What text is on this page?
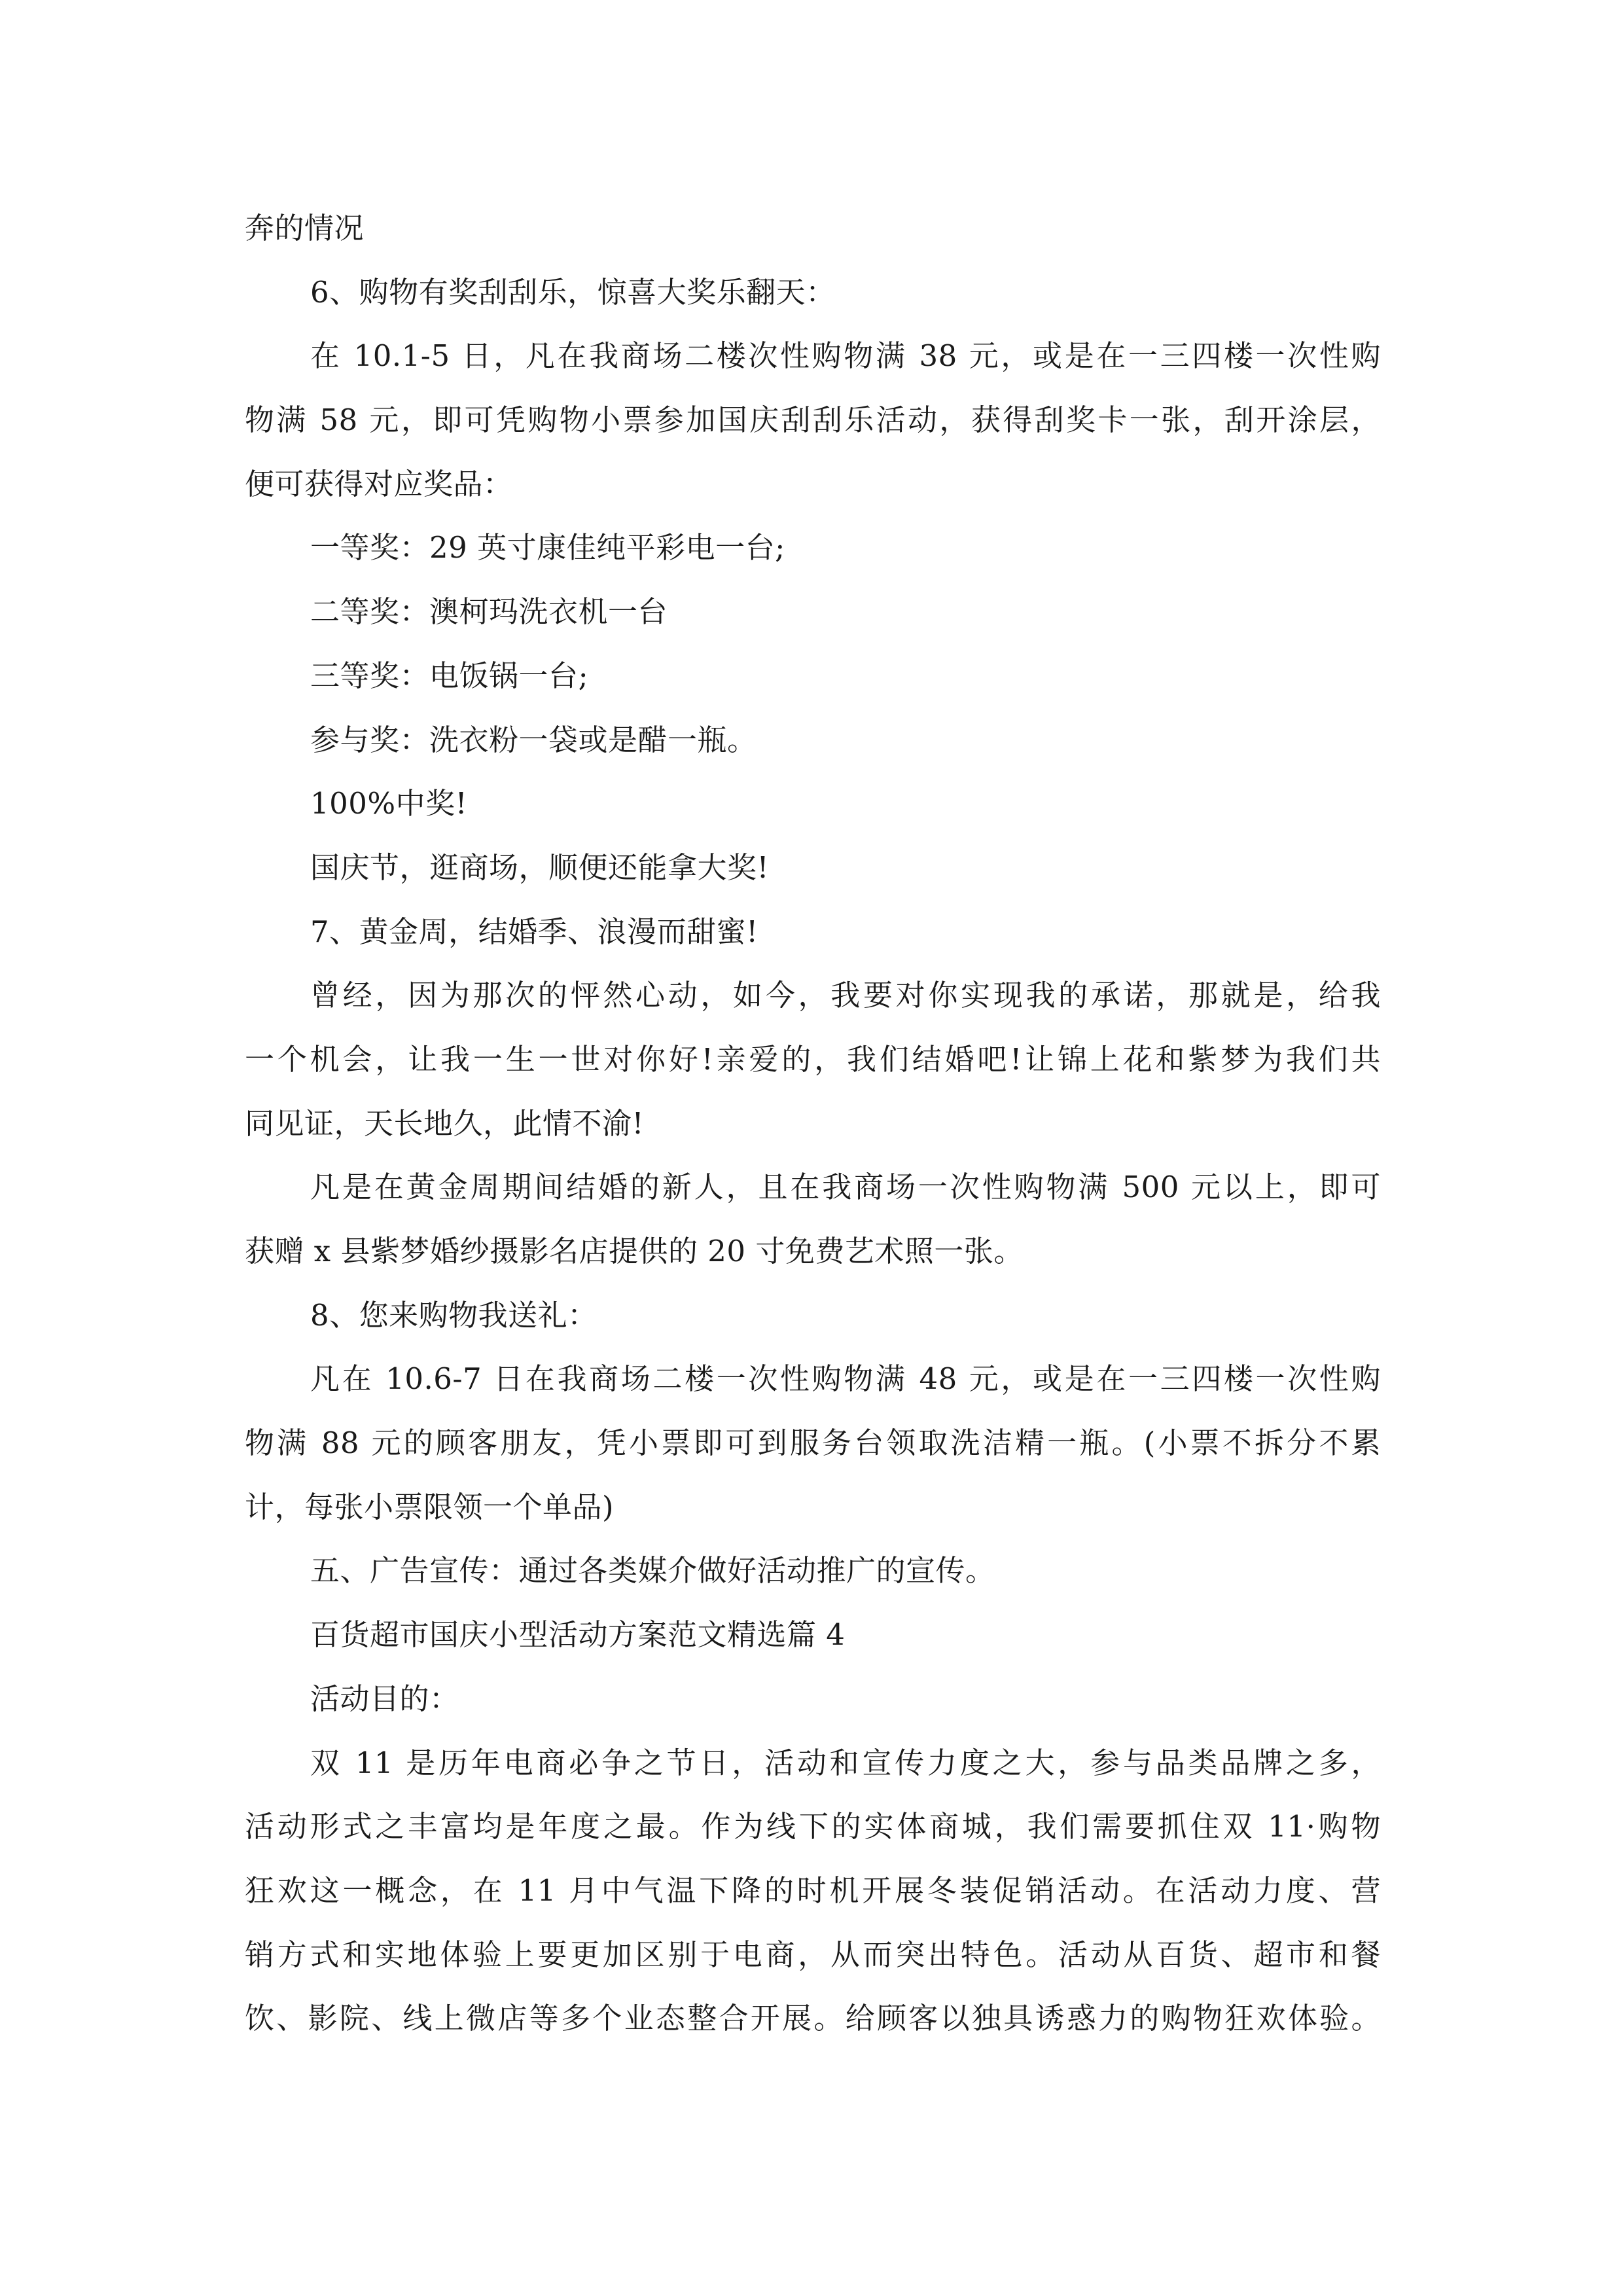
奔的情况
6、购物有奖刮刮乐，惊喜大奖乐翻天：
在 10.1-5 日，凡在我商场二楼次性购物满 38 元，或是在一三四楼一次性购
物满 58 元，即可凭购物小票参加国庆刮刮乐活动，获得刮奖卡一张，刮开涂层，
便可获得对应奖品：
一等奖：29 英寸康佳纯平彩电一台;
二等奖：澳柯玛洗衣机一台
三等奖：电饭锅一台;
参与奖：洗衣粉一袋或是醋一瓶。
100%中奖!
国庆节，逛商场，顺便还能拿大奖!
7、黄金周，结婚季、浪漫而甜蜜!
曾经，因为那次的怦然心动，如今，我要对你实现我的承诺，那就是，给我
一个机会，让我一生一世对你好!亲爱的，我们结婚吧!让锦上花和紫梦为我们共
同见证，天长地久，此情不渝!
凡是在黄金周期间结婚的新人，且在我商场一次性购物满 500 元以上，即可
获赠 x 县紫梦婚纱摄影名店提供的 20 寸免费艺术照一张。
8、您来购物我送礼：
凡在 10.6-7 日在我商场二楼一次性购物满 48 元，或是在一三四楼一次性购
物满 88 元的顾客朋友，凭小票即可到服务台领取洗洁精一瓶。(小票不拆分不累
计，每张小票限领一个单品)
五、广告宣传：通过各类媒介做好活动推广的宣传。
百货超市国庆小型活动方案范文精选篇 4
活动目的：
双 11 是历年电商必争之节日，活动和宣传力度之大，参与品类品牌之多，
活动形式之丰富均是年度之最。作为线下的实体商城，我们需要抓住双 11·购物
狂欢这一概念，在 11 月中气温下降的时机开展冬装促销活动。在活动力度、营
销方式和实地体验上要更加区别于电商，从而突出特色。活动从百货、超市和餐
饮、影院、线上微店等多个业态整合开展。给顾客以独具诱惑力的购物狂欢体验。
